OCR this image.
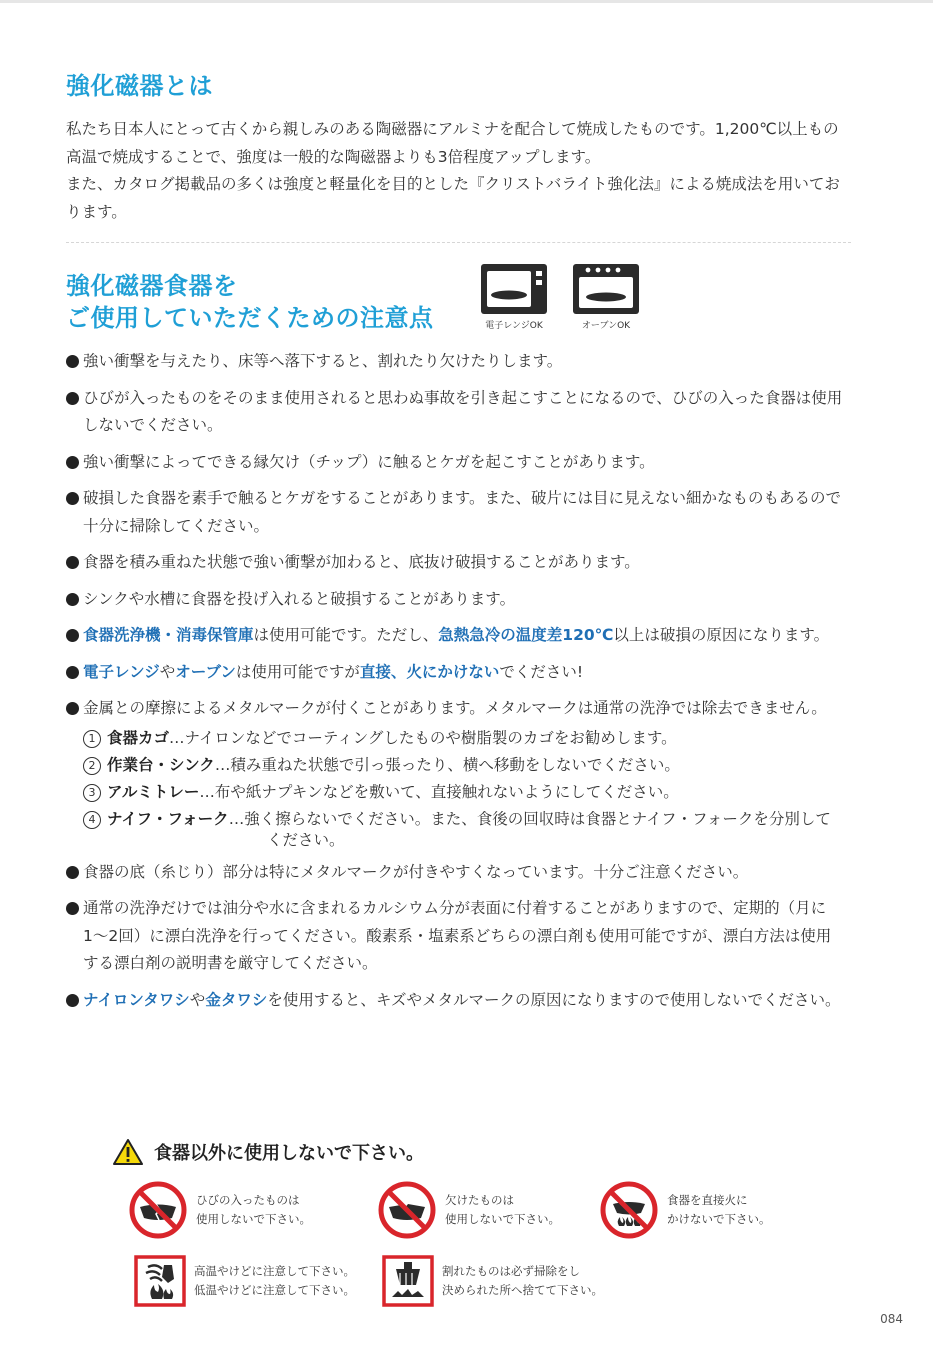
強化磁器とは

私たち日本人にとって古くから親しみのある陶磁器にアルミナを配合して焼成したものです。1,200℃以上もの高温で焼成することで、強度は一般的な陶磁器よりも3倍程度アップします。

また、カタログ掲載品の多くは強度と軽量化を目的とした『クリストバライト強化法』による焼成法を用いております。

強化磁器食器を
ご使用していただくための注意点	電子レンジOK	オーブンOK
強い衝撃を与えたり、床等へ落下すると、割れたり欠けたりします。
ひびが入ったものをそのまま使用されると思わぬ事故を引き起こすことになるので、ひびの入った食器は使用しないでください。
強い衝撃によってできる縁欠け（チップ）に触るとケガを起こすことがあります。
破損した食器を素手で触るとケガをすることがあります。また、破片には目に見えない細かなものもあるので十分に掃除してください。
食器を積み重ねた状態で強い衝撃が加わると、底抜け破損することがあります。
シンクや水槽に食器を投げ入れると破損することがあります。
食器洗浄機・消毒保管庫は使用可能です。ただし、急熱急冷の温度差120℃以上は破損の原因になります。
電子レンジやオーブンは使用可能ですが直接、火にかけないでください!
金属との摩擦によるメタルマークが付くことがあります。メタルマークは通常の洗浄では除去できません。
1 食器カゴ…ナイロンなどでコーティングしたものや樹脂製のカゴをお勧めします。
2 作業台・シンク…積み重ねた状態で引っ張ったり、横へ移動をしないでください。
3 アルミトレー…布や紙ナプキンなどを敷いて、直接触れないようにしてください。
4 ナイフ・フォーク…強く擦らないでください。また、食後の回収時は食器とナイフ・フォークを分別して
ください。
食器の底（糸じり）部分は特にメタルマークが付きやすくなっています。十分ご注意ください。
通常の洗浄だけでは油分や水に含まれるカルシウム分が表面に付着することがありますので、定期的（月に1〜2回）に漂白洗浄を行ってください。酸素系・塩素系どちらの漂白剤も使用可能ですが、漂白方法は使用する漂白剤の説明書を厳守してください。
ナイロンタワシや金タワシを使用すると、キズやメタルマークの原因になりますので使用しないでください。
食器以外に使用しないで下さい。
ひびの入ったものは
使用しないで下さい。
欠けたものは
使用しないで下さい。
食器を直接火に
かけないで下さい。
高温やけどに注意して下さい。
低温やけどに注意して下さい。
割れたものは必ず掃除をし
決められた所へ捨てて下さい。
084
